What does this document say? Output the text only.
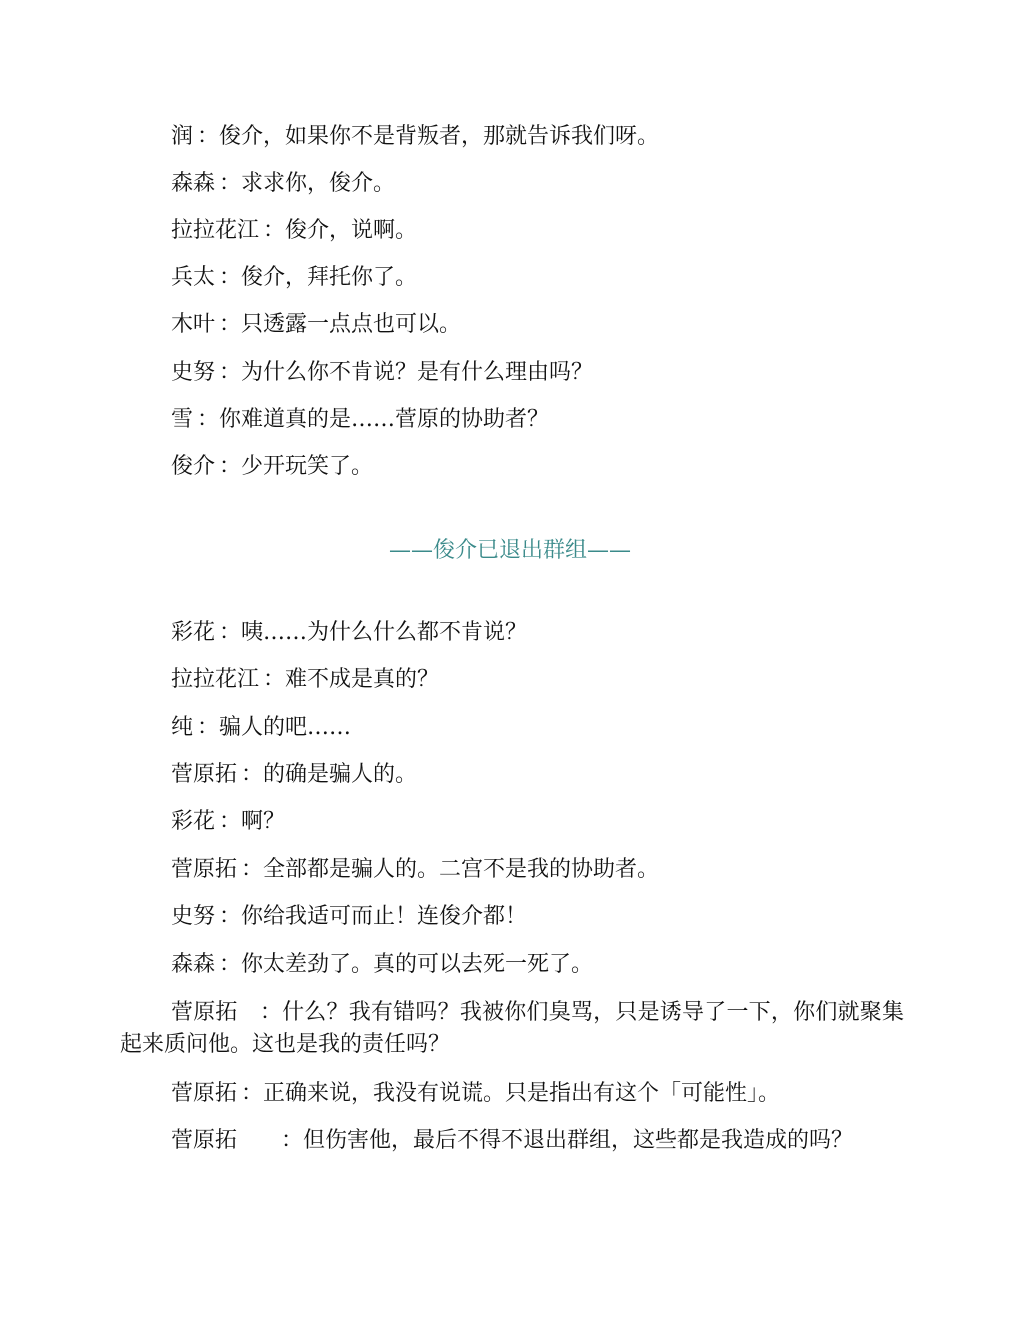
润 ：俊介，如果你不是背叛者，那就告诉我们呀。
森森 ：求求你，俊介。
拉拉花江 ：俊介，说啊。
兵太 ：俊介，拜托你了。
木叶 ：只透露一点点也可以。
史努 ：为什么你不肯说？是有什么理由吗？
雪 ：你难道真的是……菅原的协助者？
俊介 ：少开玩笑了。
——俊介已退出群组——
彩花 ：咦……为什么什么都不肯说？
拉拉花江 ：难不成是真的？
纯 ：骗人的吧……
菅原拓 ：的确是骗人的。
彩花 ：啊？
菅原拓 ：全部都是骗人的。二宫不是我的协助者。
史努 ：你给我适可而止！连俊介都！
森森 ：你太差劲了。真的可以去死一死了。
菅原拓　：什么？我有错吗？我被你们臭骂，只是诱导了一下，你们就聚集起来质问他。这也是我的责任吗？
菅原拓 ：正确来说，我没有说谎。只是指出有这个「可能性」。
菅原拓　　：但伤害他，最后不得不退出群组，这些都是我造成的吗？
